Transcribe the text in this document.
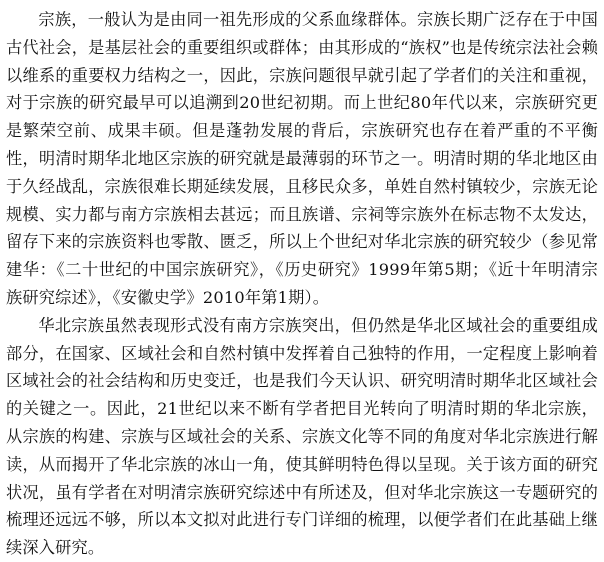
宗族，一般认为是由同一祖先形成的父系血缘群体。宗族长期广泛存在于中国古代社会，是基层社会的重要组织或群体；由其形成的“族权”也是传统宗法社会赖以维系的重要权力结构之一，因此，宗族问题很早就引起了学者们的关注和重视，对于宗族的研究最早可以追溯到20世纪初期。而上世纪80年代以来，宗族研究更是繁荣空前、成果丰硕。但是蓬勃发展的背后，宗族研究也存在着严重的不平衡性，明清时期华北地区宗族的研究就是最薄弱的环节之一。明清时期的华北地区由于久经战乱，宗族很难长期延续发展，且移民众多，单姓自然村镇较少，宗族无论规模、实力都与南方宗族相去甚远；而且族谱、宗祠等宗族外在标志物不太发达，留存下来的宗族资料也零散、匮乏，所以上个世纪对华北宗族的研究较少（参见常建华：《二十世纪的中国宗族研究》，《历史研究》1999年第5期；《近十年明清宗族研究综述》，《安徽史学》2010年第1期）。

华北宗族虽然表现形式没有南方宗族突出，但仍然是华北区域社会的重要组成部分，在国家、区域社会和自然村镇中发挥着自己独特的作用，一定程度上影响着区域社会的社会结构和历史变迁，也是我们今天认识、研究明清时期华北区域社会的关键之一。因此，21世纪以来不断有学者把目光转向了明清时期的华北宗族，从宗族的构建、宗族与区域社会的关系、宗族文化等不同的角度对华北宗族进行解读，从而揭开了华北宗族的冰山一角，使其鲜明特色得以呈现。关于该方面的研究状况，虽有学者在对明清宗族研究综述中有所述及，但对华北宗族这一专题研究的梳理还远远不够，所以本文拟对此进行专门详细的梳理，以便学者们在此基础上继续深入研究。
